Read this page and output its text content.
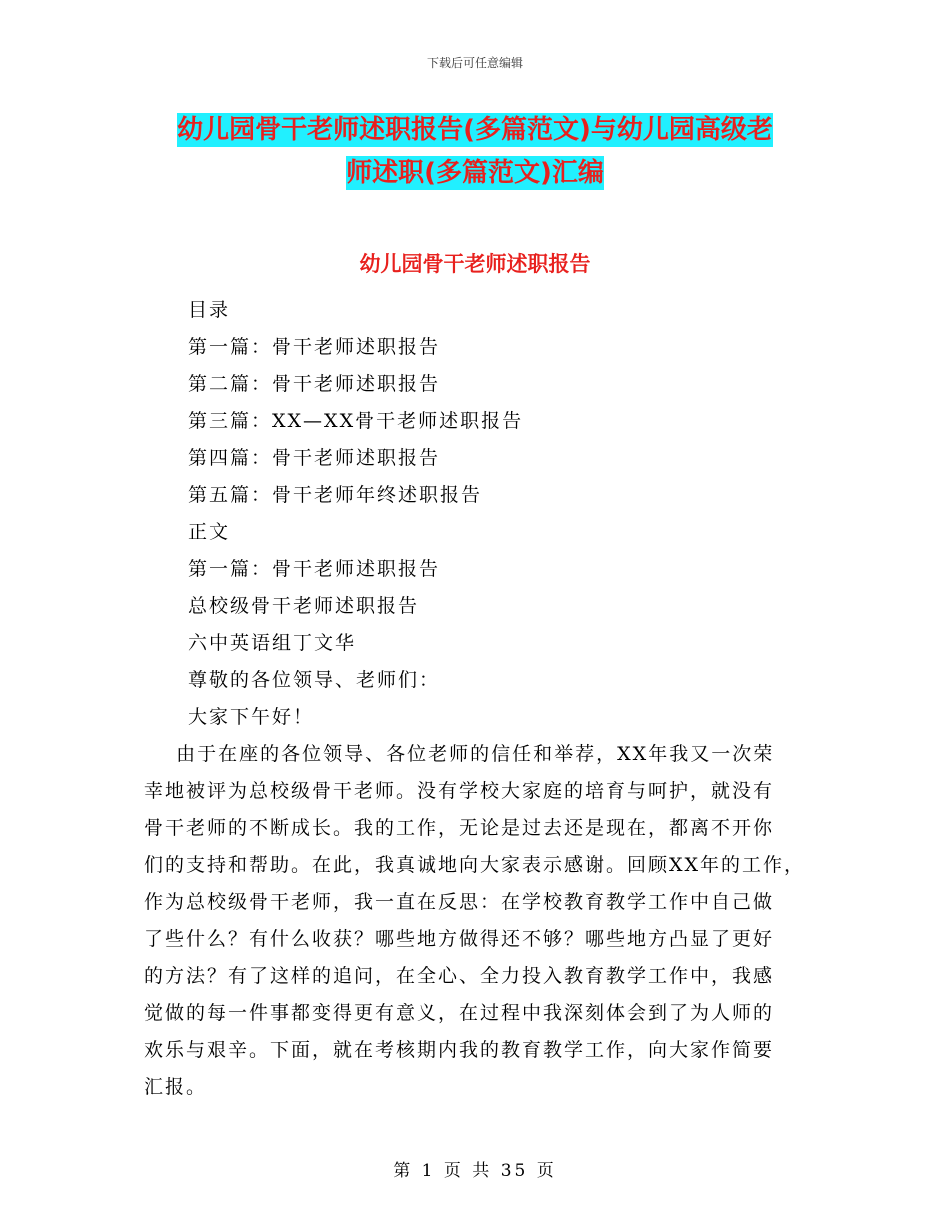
下载后可任意编辑
幼儿园骨干老师述职报告(多篇范文)与幼儿园高级老
师述职(多篇范文)汇编
幼儿园骨干老师述职报告
目录
第一篇：骨干老师述职报告
第二篇：骨干老师述职报告
第三篇：XX—XX骨干老师述职报告
第四篇：骨干老师述职报告
第五篇：骨干老师年终述职报告
正文
第一篇：骨干老师述职报告
总校级骨干老师述职报告
六中英语组丁文华
尊敬的各位领导、老师们：
大家下午好！
由于在座的各位领导、各位老师的信任和举荐，XX年我又一次荣
幸地被评为总校级骨干老师。没有学校大家庭的培育与呵护，就没有
骨干老师的不断成长。我的工作，无论是过去还是现在，都离不开你
们的支持和帮助。在此，我真诚地向大家表示感谢。回顾XX年的工作，
作为总校级骨干老师，我一直在反思：在学校教育教学工作中自己做
了些什么？有什么收获？哪些地方做得还不够？哪些地方凸显了更好
的方法？有了这样的追问，在全心、全力投入教育教学工作中，我感
觉做的每一件事都变得更有意义，在过程中我深刻体会到了为人师的
欢乐与艰辛。下面，就在考核期内我的教育教学工作，向大家作简要
汇报。
第 1 页 共 35 页
